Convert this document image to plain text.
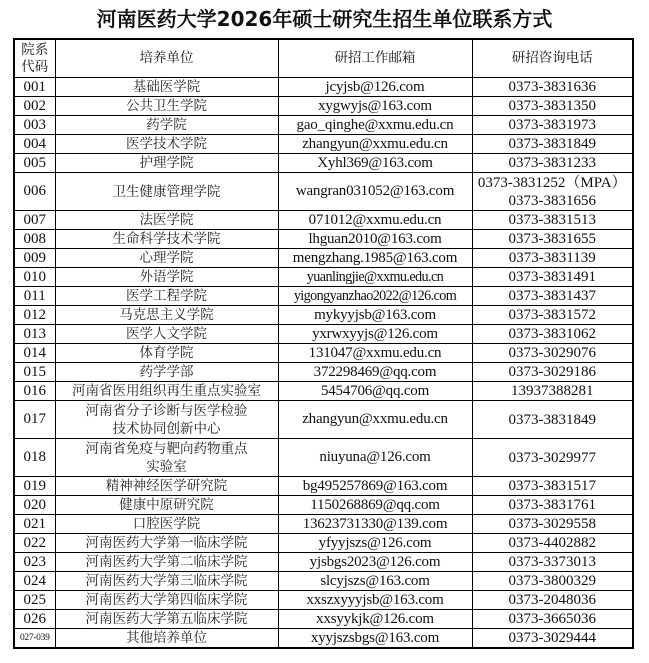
河南医药大学2026年硕士研究生招生单位联系方式
院系
代码	培养单位	研招工作邮箱	研招咨询电话
001	基础医学院	jcyjsb@126.com	0373-3831636

002	公共卫生学院	xygwyjs@163.com	0373-3831350

003	药学院	gao_qinghe@xxmu.edu.cn	0373-3831973

004	医学技术学院	zhangyun@xxmu.edu.cn	0373-3831849

005	护理学院	Xyhl369@163.com	0373-3831233

006	卫生健康管理学院	wangran031052@163.com	0373-3831252（MPA）
0373-3831656

007	法医学院	071012@xxmu.edu.cn	0373-3831513

008	生命科学技术学院	lhguan2010@163.com	0373-3831655

009	心理学院	mengzhang.1985@163.com	0373-3831139

010	外语学院	yuanlingjie@xxmu.edu.cn	0373-3831491

011	医学工程学院	yigongyanzhao2022@126.com	0373-3831437

012	马克思主义学院	mykyyjsb@163.com	0373-3831572

013	医学人文学院	yxrwxyyjs@126.com	0373-3831062

014	体育学院	131047@xxmu.edu.cn	0373-3029076

015	药学学部	372298469@qq.com	0373-3029186

016	河南省医用组织再生重点实验室	5454706@qq.com	13937388281

017	河南省分子诊断与医学检验
技术协同创新中心	zhangyun@xxmu.edu.cn	0373-3831849

018	河南省免疫与靶向药物重点
实验室	niuyuna@126.com	0373-3029977

019	精神神经医学研究院	bg495257869@163.com	0373-3831517

020	健康中原研究院	1150268869@qq.com	0373-3831761

021	口腔医学院	13623731330@139.com	0373-3029558

022	河南医药大学第一临床学院	yfyyjszs@126.com	0373-4402882

023	河南医药大学第二临床学院	yjsbgs2023@126.com	0373-3373013

024	河南医药大学第三临床学院	slcyjszs@163.com	0373-3800329

025	河南医药大学第四临床学院	xxszxyyyjsb@163.com	0373-2048036

026	河南医药大学第五临床学院	xxsyykjk@126.com	0373-3665036

027-039	其他培养单位	xyyjszsbgs@163.com	0373-3029444
